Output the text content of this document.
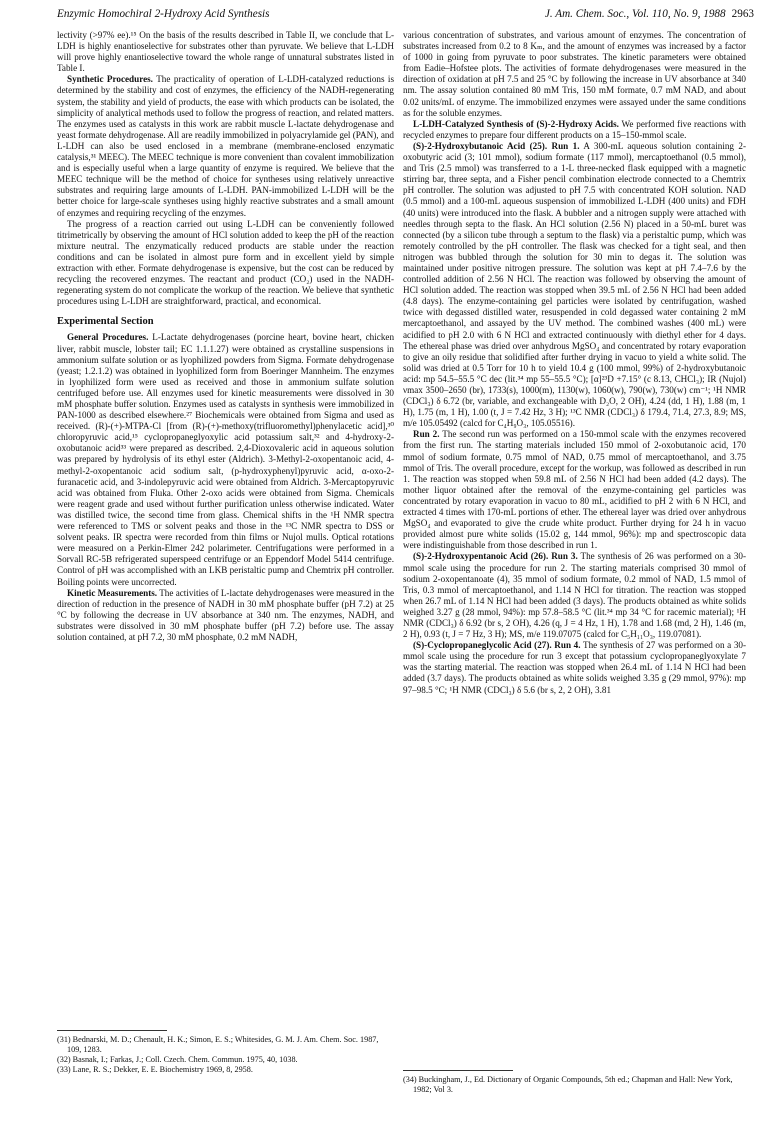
Enzymic Homochiral 2-Hydroxy Acid Synthesis	J. Am. Chem. Soc., Vol. 110, No. 9, 1988 2963

lectivity (>97% ee).¹⁵ On the basis of the results described in Table II, we conclude that L-LDH is highly enantioselective for substrates other than pyruvate. We believe that L-LDH will prove highly enantioselective toward the whole range of unnatural substrates listed in Table I.

Synthetic Procedures. The practicality of operation of L-LDH-catalyzed reductions is determined by the stability and cost of enzymes, the efficiency of the NADH-regenerating system, the stability and yield of products, the ease with which products can be isolated, the simplicity of analytical methods used to follow the progress of reaction, and related matters. The enzymes used as catalysts in this work are rabbit muscle L-lactate dehydrogenase and yeast formate dehydrogenase. All are readily immobilized in polyacrylamide gel (PAN), and L-LDH can also be used enclosed in a membrane (membrane-enclosed enzymatic catalysis,³¹ MEEC). The MEEC technique is more convenient than covalent immobilization and is especially useful when a large quantity of enzyme is required. We believe that the MEEC technique will be the method of choice for syntheses using relatively unreactive substrates and requiring large amounts of L-LDH. PAN-immobilized L-LDH will be the better choice for large-scale syntheses using highly reactive substrates and a small amount of enzymes and requiring recycling of the enzymes.

The progress of a reaction carried out using L-LDH can be conveniently followed titrimetrically by observing the amount of HCl solution added to keep the pH of the reaction mixture neutral. The enzymatically reduced products are stable under the reaction conditions and can be isolated in almost pure form and in excellent yield by simple extraction with ether. Formate dehydrogenase is expensive, but the cost can be reduced by recycling the recovered enzymes. The reactant and product (CO₂) used in the NADH-regenerating system do not complicate the workup of the reaction. We believe that synthetic procedures using L-LDH are straightforward, practical, and economical.

Experimental Section

General Procedures. L-Lactate dehydrogenases (porcine heart, bovine heart, chicken liver, rabbit muscle, lobster tail; EC 1.1.1.27) were obtained as crystalline suspensions in ammonium sulfate solution or as lyophilized powders from Sigma. Formate dehydrogenase (yeast; 1.2.1.2) was obtained in lyophilized form from Boeringer Mannheim. The enzymes in lyophilized form were used as received and those in ammonium sulfate solution centrifuged before use. All enzymes used for kinetic measurements were dissolved in 30 mM phosphate buffer solution. Enzymes used as catalysts in synthesis were immobilized in PAN-1000 as described elsewhere.²⁷ Biochemicals were obtained from Sigma and used as received. (R)-(+)-MTPA-Cl [from (R)-(+)-methoxy(trifluoromethyl)phenylacetic acid],³⁰ chloropyruvic acid,¹⁵ cyclopropaneglyoxylic acid potassium salt,³² and 4-hydroxy-2-oxobutanoic acid³³ were prepared as described. 2,4-Dioxovaleric acid in aqueous solution was prepared by hydrolysis of its ethyl ester (Aldrich). 3-Methyl-2-oxopentanoic acid, 4-methyl-2-oxopentanoic acid sodium salt, (p-hydroxyphenyl)pyruvic acid, α-oxo-2-furanacetic acid, and 3-indolepyruvic acid were obtained from Aldrich. 3-Mercaptopyruvic acid was obtained from Fluka. Other 2-oxo acids were obtained from Sigma. Chemicals were reagent grade and used without further purification unless otherwise indicated. Water was distilled twice, the second time from glass. Chemical shifts in the ¹H NMR spectra were referenced to TMS or solvent peaks and those in the ¹³C NMR spectra to DSS or solvent peaks. IR spectra were recorded from thin films or Nujol mulls. Optical rotations were measured on a Perkin-Elmer 242 polarimeter. Centrifugations were performed in a Sorvall RC-5B refrigerated superspeed centrifuge or an Eppendorf Model 5414 centrifuge. Control of pH was accomplished with an LKB peristaltic pump and Chemtrix pH controller. Boiling points were uncorrected.

Kinetic Measurements. The activities of L-lactate dehydrogenases were measured in the direction of reduction in the presence of NADH in 30 mM phosphate buffer (pH 7.2) at 25 °C by following the decrease in UV absorbance at 340 nm. The enzymes, NADH, and substrates were dissolved in 30 mM phosphate buffer (pH 7.2) before use. The assay solution contained, at pH 7.2, 30 mM phosphate, 0.2 mM NADH,

(31) Bednarski, M. D.; Chenault, H. K.; Simon, E. S.; Whitesides, G. M. J. Am. Chem. Soc. 1987, 109, 1283.

(32) Basnak, I.; Farkas, J.; Coll. Czech. Chem. Commun. 1975, 40, 1038.

(33) Lane, R. S.; Dekker, E. E. Biochemistry 1969, 8, 2958.

various concentration of substrates, and various amount of enzymes. The concentration of substrates increased from 0.2 to 8 Kₘ, and the amount of enzymes was increased by a factor of 1000 in going from pyruvate to poor substrates. The kinetic parameters were obtained from Eadie–Hofstee plots. The activities of formate dehydrogenases were measured in the direction of oxidation at pH 7.5 and 25 °C by following the increase in UV absorbance at 340 nm. The assay solution contained 80 mM Tris, 150 mM formate, 0.7 mM NAD, and about 0.02 units/mL of enzyme. The immobilized enzymes were assayed under the same conditions as for the soluble enzymes.

L-LDH-Catalyzed Synthesis of (S)-2-Hydroxy Acids. We performed five reactions with recycled enzymes to prepare four different products on a 15–150-mmol scale.

(S)-2-Hydroxybutanoic Acid (25). Run 1. A 300-mL aqueous solution containing 2-oxobutyric acid (3; 101 mmol), sodium formate (117 mmol), mercaptoethanol (0.5 mmol), and Tris (2.5 mmol) was transferred to a 1-L three-necked flask equipped with a magnetic stirring bar, three septa, and a Fisher pencil combination electrode connected to a Chemtrix pH controller. The solution was adjusted to pH 7.5 with concentrated KOH solution. NAD (0.5 mmol) and a 100-mL aqueous suspension of immobilized L-LDH (400 units) and FDH (40 units) were introduced into the flask. A bubbler and a nitrogen supply were attached with needles through septa to the flask. An HCl solution (2.56 N) placed in a 50-mL buret was connected (by a silicon tube through a septum to the flask) via a peristaltic pump, which was remotely controlled by the pH controller. The flask was checked for a tight seal, and then nitrogen was bubbled through the solution for 30 min to degas it. The solution was maintained under positive nitrogen pressure. The solution was kept at pH 7.4–7.6 by the controlled addition of 2.56 N HCl. The reaction was followed by observing the amount of HCl solution added. The reaction was stopped when 39.5 mL of 2.56 N HCl had been added (4.8 days). The enzyme-containing gel particles were isolated by centrifugation, washed twice with degassed distilled water, resuspended in cold degassed water containing 2 mM mercaptoethanol, and assayed by the UV method. The combined washes (400 mL) were acidified to pH 2.0 with 6 N HCl and extracted continuously with diethyl ether for 4 days. The ethereal phase was dried over anhydrous MgSO₄ and concentrated by rotary evaporation to give an oily residue that solidified after further drying in vacuo to yield a white solid. The solid was dried at 0.5 Torr for 10 h to yield 10.4 g (100 mmol, 99%) of 2-hydroxybutanoic acid: mp 54.5–55.5 °C dec (lit.³⁴ mp 55–55.5 °C); [α]²³D +7.15° (c 8.13, CHCl₃); IR (Nujol) νmax 3500–2650 (br), 1733(s), 1000(m), 1130(w), 1060(w), 790(w), 730(w) cm⁻¹; ¹H NMR (CDCl₃) δ 6.72 (br, variable, and exchangeable with D₂O, 2 OH), 4.24 (dd, 1 H), 1.88 (m, 1 H), 1.75 (m, 1 H), 1.00 (t, J = 7.42 Hz, 3 H); ¹³C NMR (CDCl₃) δ 179.4, 71.4, 27.3, 8.9; MS, m/e 105.05492 (calcd for C₄H₉O₃, 105.05516).

Run 2. The second run was performed on a 150-mmol scale with the enzymes recovered from the first run. The starting materials included 150 mmol of 2-oxobutanoic acid, 170 mmol of sodium formate, 0.75 mmol of NAD, 0.75 mmol of mercaptoethanol, and 3.75 mmol of Tris. The overall procedure, except for the workup, was followed as described in run 1. The reaction was stopped when 59.8 mL of 2.56 N HCl had been added (4.2 days). The mother liquor obtained after the removal of the enzyme-containing gel particles was concentrated by rotary evaporation in vacuo to 80 mL, acidified to pH 2 with 6 N HCl, and extracted 4 times with 170-mL portions of ether. The ethereal layer was dried over anhydrous MgSO₄ and evaporated to give the crude white product. Further drying for 24 h in vacuo provided almost pure white solids (15.02 g, 144 mmol, 96%): mp and spectroscopic data were indistinguishable from those described in run 1.

(S)-2-Hydroxypentanoic Acid (26). Run 3. The synthesis of 26 was performed on a 30-mmol scale using the procedure for run 2. The starting materials comprised 30 mmol of sodium 2-oxopentanoate (4), 35 mmol of sodium formate, 0.2 mmol of NAD, 1.5 mmol of Tris, 0.3 mmol of mercaptoethanol, and 1.14 N HCl for titration. The reaction was stopped when 26.7 mL of 1.14 N HCl had been added (3 days). The products obtained as white solids weighed 3.27 g (28 mmol, 94%): mp 57.8–58.5 °C (lit.³⁴ mp 34 °C for racemic material); ¹H NMR (CDCl₃) δ 6.92 (br s, 2 OH), 4.26 (q, J = 4 Hz, 1 H), 1.78 and 1.68 (md, 2 H), 1.46 (m, 2 H), 0.93 (t, J = 7 Hz, 3 H); MS, m/e 119.07075 (calcd for C₅H₁₁O₃, 119.07081).

(S)-Cyclopropaneglycolic Acid (27). Run 4. The synthesis of 27 was performed on a 30-mmol scale using the procedure for run 3 except that potassium cyclopropaneglyoxylate 7 was the starting material. The reaction was stopped when 26.4 mL of 1.14 N HCl had been added (3.7 days). The products obtained as white solids weighed 3.35 g (29 mmol, 97%): mp 97–98.5 °C; ¹H NMR (CDCl₃) δ 5.6 (br s, 2, 2 OH), 3.81

(34) Buckingham, J., Ed. Dictionary of Organic Compounds, 5th ed.; Chapman and Hall: New York, 1982; Vol 3.
